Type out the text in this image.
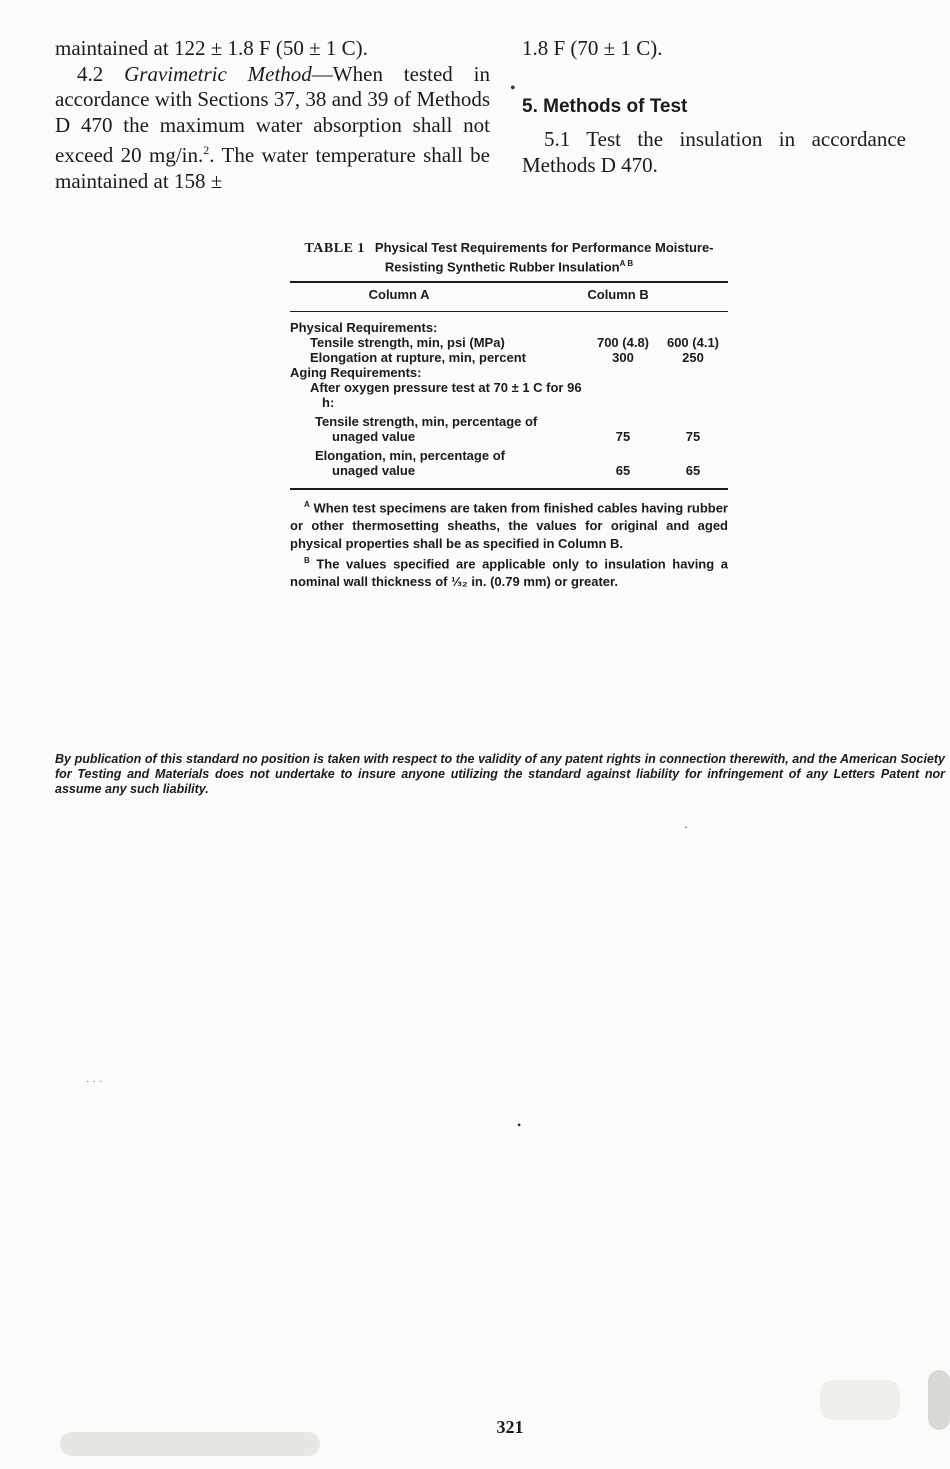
maintained at 122 ± 1.8 F (50 ± 1 C).

4.2 Gravimetric Method—When tested in accordance with Sections 37, 38 and 39 of Methods D 470 the maximum water absorption shall not exceed 20 mg/in.$^2$. The water temperature shall be maintained at 158 ±

1.8 F (70 ± 1 C).

5. Methods of Test

5.1 Test the insulation in accordance Methods D 470.

•
TABLE 1 Physical Test Requirements for Performance Moisture-Resisting Synthetic Rubber Insulation$^{A B}$
	Column A	Column B
Physical Requirements:		

Tensile strength, min, psi (MPa)	700 (4.8)	600 (4.1)
Elongation at rupture, min, percent	300	250
Aging Requirements:		

After oxygen pressure test at 70 ± 1 C for 96 h:		

Tensile strength, min, percentage of unaged value	75	75

Elongation, min, percentage of unaged value	65	65

$^A$ When test specimens are taken from finished cables having rubber or other thermosetting sheaths, the values for original and aged physical properties shall be as specified in Column B.

$^B$ The values specified are applicable only to insulation having a nominal wall thickness of ⅓₂ in. (0.79 mm) or greater.

By publication of this standard no position is taken with respect to the validity of any patent rights in connection therewith, and the American Society for Testing and Materials does not undertake to insure anyone utilizing the standard against liability for infringement of any Letters Patent nor assume any such liability.
·
•
· · ·
321
